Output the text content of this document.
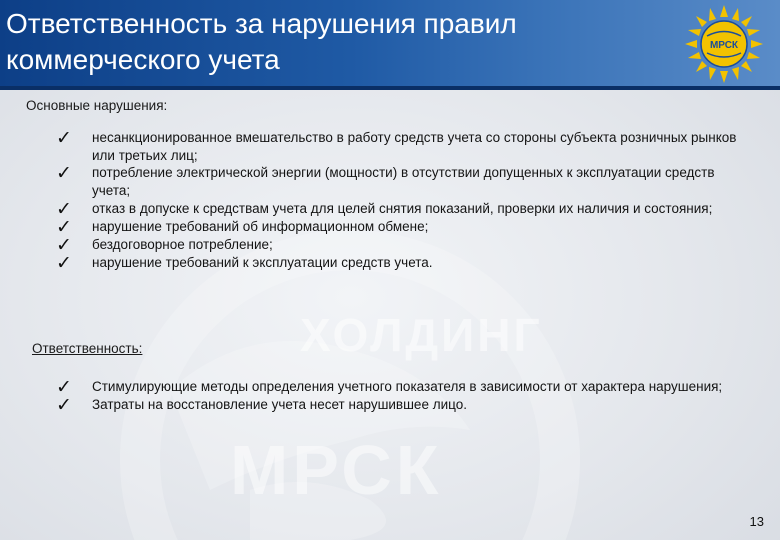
ХОЛДИНГ
МРСК
Ответственность за нарушения правил коммерческого учета	МРСК
Основные нарушения:
✓	несанкционированное вмешательство в работу средств учета со стороны субъекта розничных рынков или третьих лиц;
✓	потребление электрической энергии (мощности) в отсутствии допущенных к эксплуатации средств учета;
✓	отказ в допуске к средствам учета для целей снятия показаний, проверки их наличия и состояния;
✓	нарушение требований об информационном обмене;
✓	бездоговорное потребление;
✓	нарушение требований к эксплуатации средств учета.
Ответственность:
✓	Стимулирующие методы определения учетного показателя в зависимости от характера нарушения;
✓	Затраты на восстановление учета несет нарушившее лицо.
13
